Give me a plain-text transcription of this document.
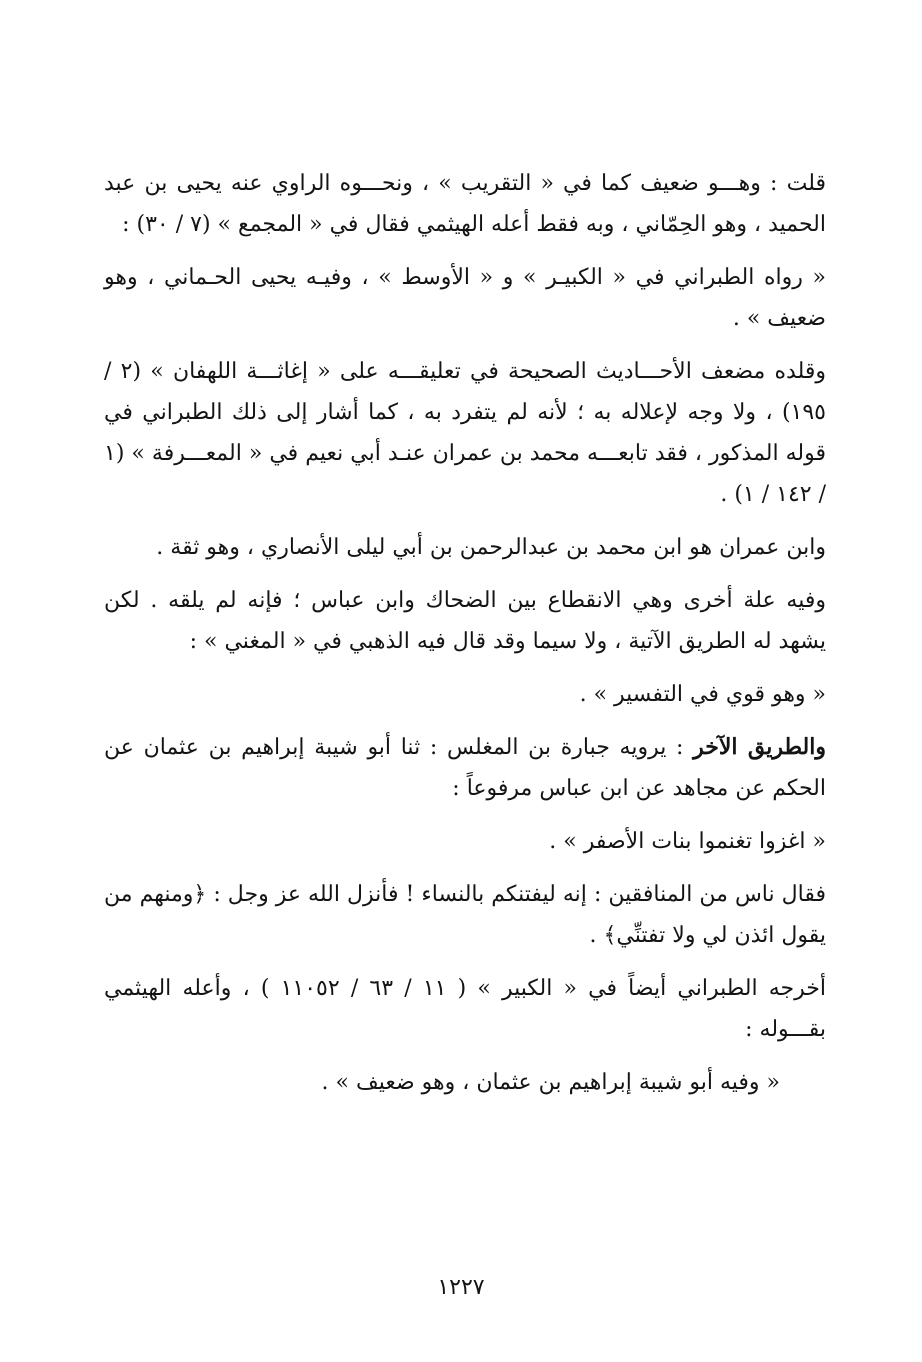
قلت : وهـــو ضعيف كما في « التقريب » ، ونحـــوه الراوي عنه يحيى بن عبد الحميد ، وهو الحِمّاني ، وبه فقط أعله الهيثمي فقال في « المجمع » (٧ / ٣٠) :

« رواه الطبراني في « الكبيـر » و « الأوسط » ، وفيـه يحيى الحـماني ، وهو ضعيف » .

وقلده مضعف الأحـــاديث الصحيحة في تعليقـــه على « إغاثـــة اللهفان » (٢ / ١٩٥) ، ولا وجه لإعلاله به ؛ لأنه لم يتفرد به ، كما أشار إلى ذلك الطبراني في قوله المذكور ، فقد تابعـــه محمد بن عمران عنـد أبي نعيم في « المعـــرفة » (١ / ١٤٢ / ١) .

وابن عمران هو ابن محمد بن عبدالرحمن بن أبي ليلى الأنصاري ، وهو ثقة .

وفيه علة أخرى وهي الانقطاع بين الضحاك وابن عباس ؛ فإنه لم يلقه . لكن يشهد له الطريق الآتية ، ولا سيما وقد قال فيه الذهبي في « المغني » :

« وهو قوي في التفسير » .

والطريق الآخر : يرويه جبارة بن المغلس : ثنا أبو شيبة إبراهيم بن عثمان عن الحكم عن مجاهد عن ابن عباس مرفوعاً :

« اغزوا تغنموا بنات الأصفر » .

فقال ناس من المنافقين : إنه ليفتنكم بالنساء ! فأنزل الله عز وجل : ﴿ومنهم من يقول ائذن لي ولا تفتنِّي﴾ .

أخرجه الطبراني أيضاً في « الكبير » ( ١١ / ٦٣ / ١١٠٥٢ ) ، وأعله الهيثمي بقـــوله :

« وفيه أبو شيبة إبراهيم بن عثمان ، وهو ضعيف » .

١٢٢٧
